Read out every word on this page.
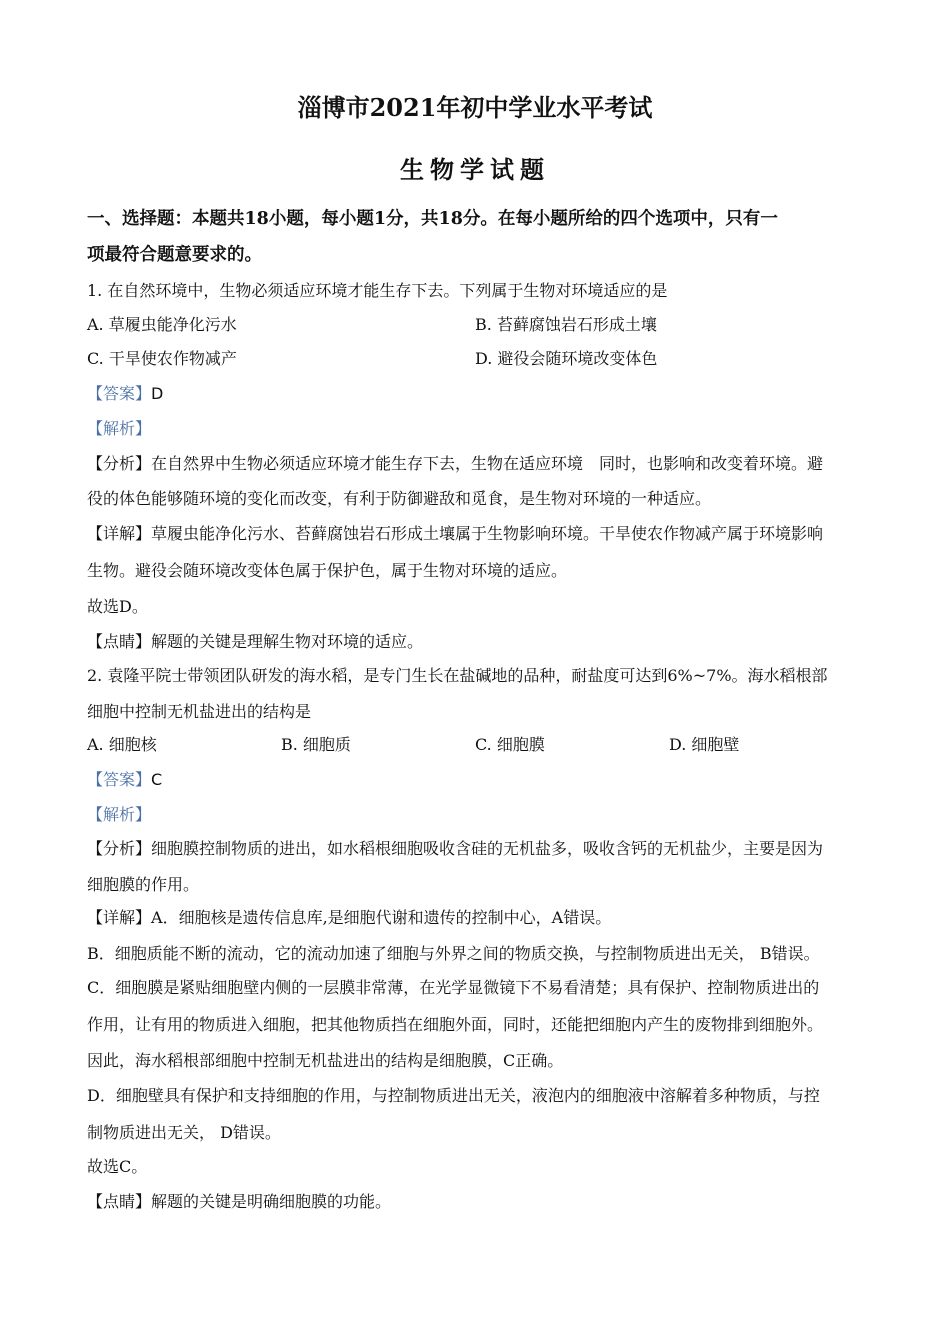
淄博市2021年初中学业水平考试
生物学试题
一、选择题：本题共18小题，每小题1分，共18分。在每小题所给的四个选项中，只有一
项最符合题意要求的。
1. 在自然环境中，生物必须适应环境才能生存下去。下列属于生物对环境适应的是
A. 草履虫能净化污水	B. 苔藓腐蚀岩石形成土壤
C. 干旱使农作物减产	D. 避役会随环境改变体色
【答案】D
【解析】
【分析】在自然界中生物必须适应环境才能生存下去，生物在适应环境　同时，也影响和改变着环境。避
役的体色能够随环境的变化而改变，有利于防御避敌和觅食，是生物对环境的一种适应。
【详解】草履虫能净化污水、苔藓腐蚀岩石形成土壤属于生物影响环境。干旱使农作物减产属于环境影响
生物。避役会随环境改变体色属于保护色，属于生物对环境的适应。
故选D。
【点睛】解题的关键是理解生物对环境的适应。
2. 袁隆平院士带领团队研发的海水稻，是专门生长在盐碱地的品种，耐盐度可达到6%~7%。海水稻根部
细胞中控制无机盐进出的结构是
A. 细胞核	B. 细胞质	C. 细胞膜	D. 细胞壁
【答案】C
【解析】
【分析】细胞膜控制物质的进出，如水稻根细胞吸收含硅的无机盐多，吸收含钙的无机盐少，主要是因为
细胞膜的作用。
【详解】A．细胞核是遗传信息库,是细胞代谢和遗传的控制中心，A错误。
B．细胞质能不断的流动，它的流动加速了细胞与外界之间的物质交换，与控制物质进出无关， B错误。
C．细胞膜是紧贴细胞壁内侧的一层膜非常薄，在光学显微镜下不易看清楚；具有保护、控制物质进出的
作用，让有用的物质进入细胞，把其他物质挡在细胞外面，同时，还能把细胞内产生的废物排到细胞外。
因此，海水稻根部细胞中控制无机盐进出的结构是细胞膜，C正确。
D．细胞壁具有保护和支持细胞的作用，与控制物质进出无关，液泡内的细胞液中溶解着多种物质，与控
制物质进出无关， D错误。
故选C。
【点睛】解题的关键是明确细胞膜的功能。
